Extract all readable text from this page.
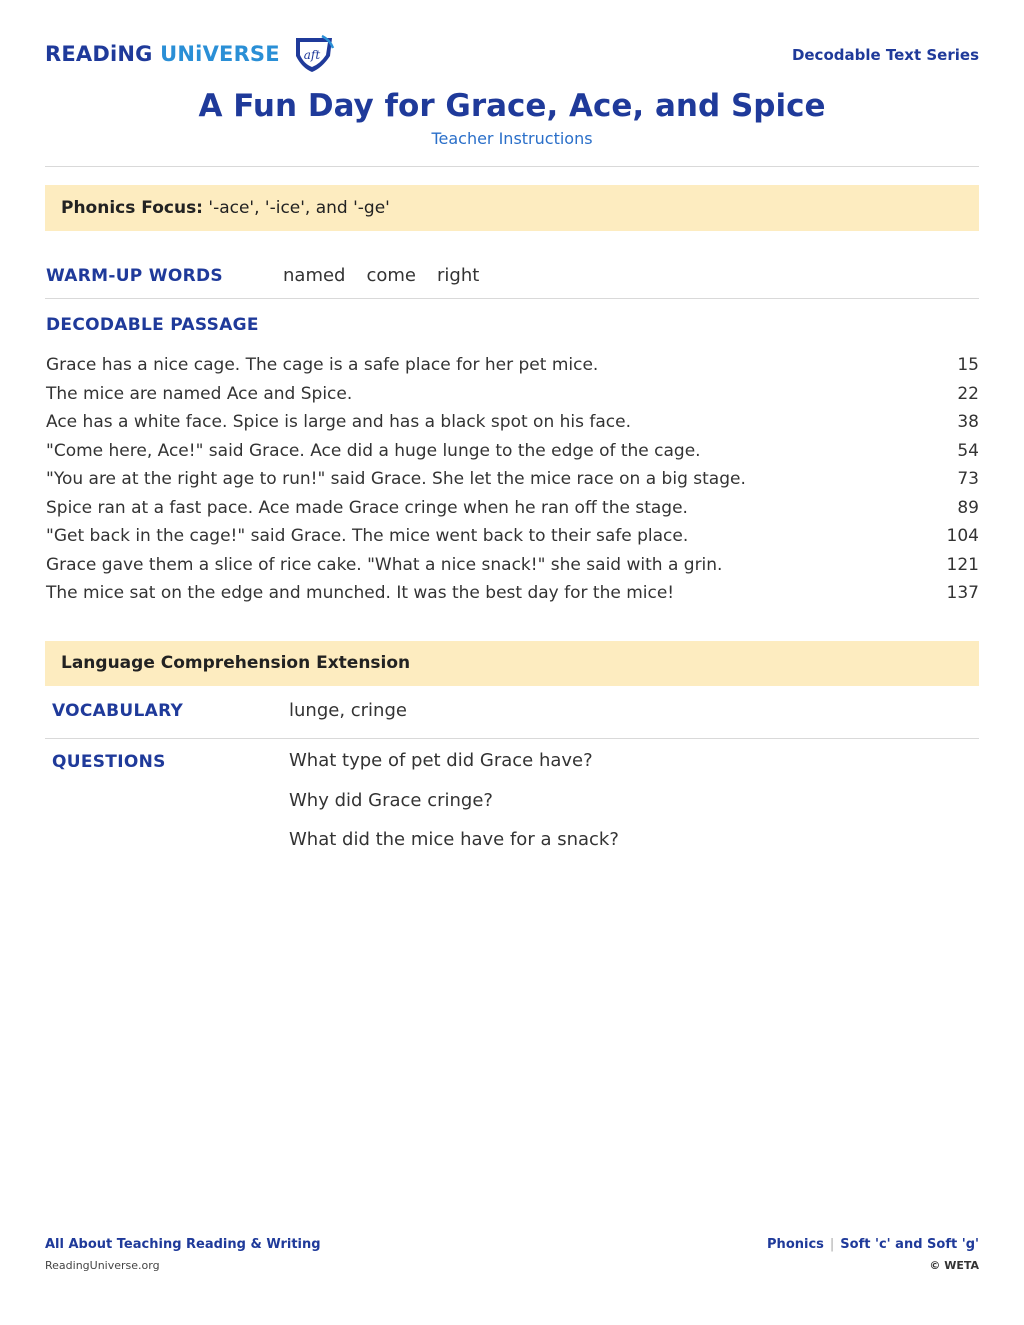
READiNG UNiVERSE aft	Decodable Text Series
A Fun Day for Grace, Ace, and Spice
Teacher Instructions
Phonics Focus: '-ace', '-ice', and '-ge'
WARM-UP WORDS	named come right
DECODABLE PASSAGE
Grace has a nice cage. The cage is a safe place for her pet mice.	15
The mice are named Ace and Spice.	22
Ace has a white face. Spice is large and has a black spot on his face.	38
"Come here, Ace!" said Grace. Ace did a huge lunge to the edge of the cage.	54
"You are at the right age to run!" said Grace. She let the mice race on a big stage.	73
Spice ran at a fast pace. Ace made Grace cringe when he ran off the stage.	89
"Get back in the cage!" said Grace. The mice went back to their safe place.	104
Grace gave them a slice of rice cake. "What a nice snack!" she said with a grin.	121
The mice sat on the edge and munched. It was the best day for the mice!	137
Language Comprehension Extension
VOCABULARY	lunge, cringe
QUESTIONS	What type of pet did Grace have?
Why did Grace cringe?
What did the mice have for a snack?
All About Teaching Reading & Writing
ReadingUniverse.org
Phonics | Soft 'c' and Soft 'g'
© WETA
